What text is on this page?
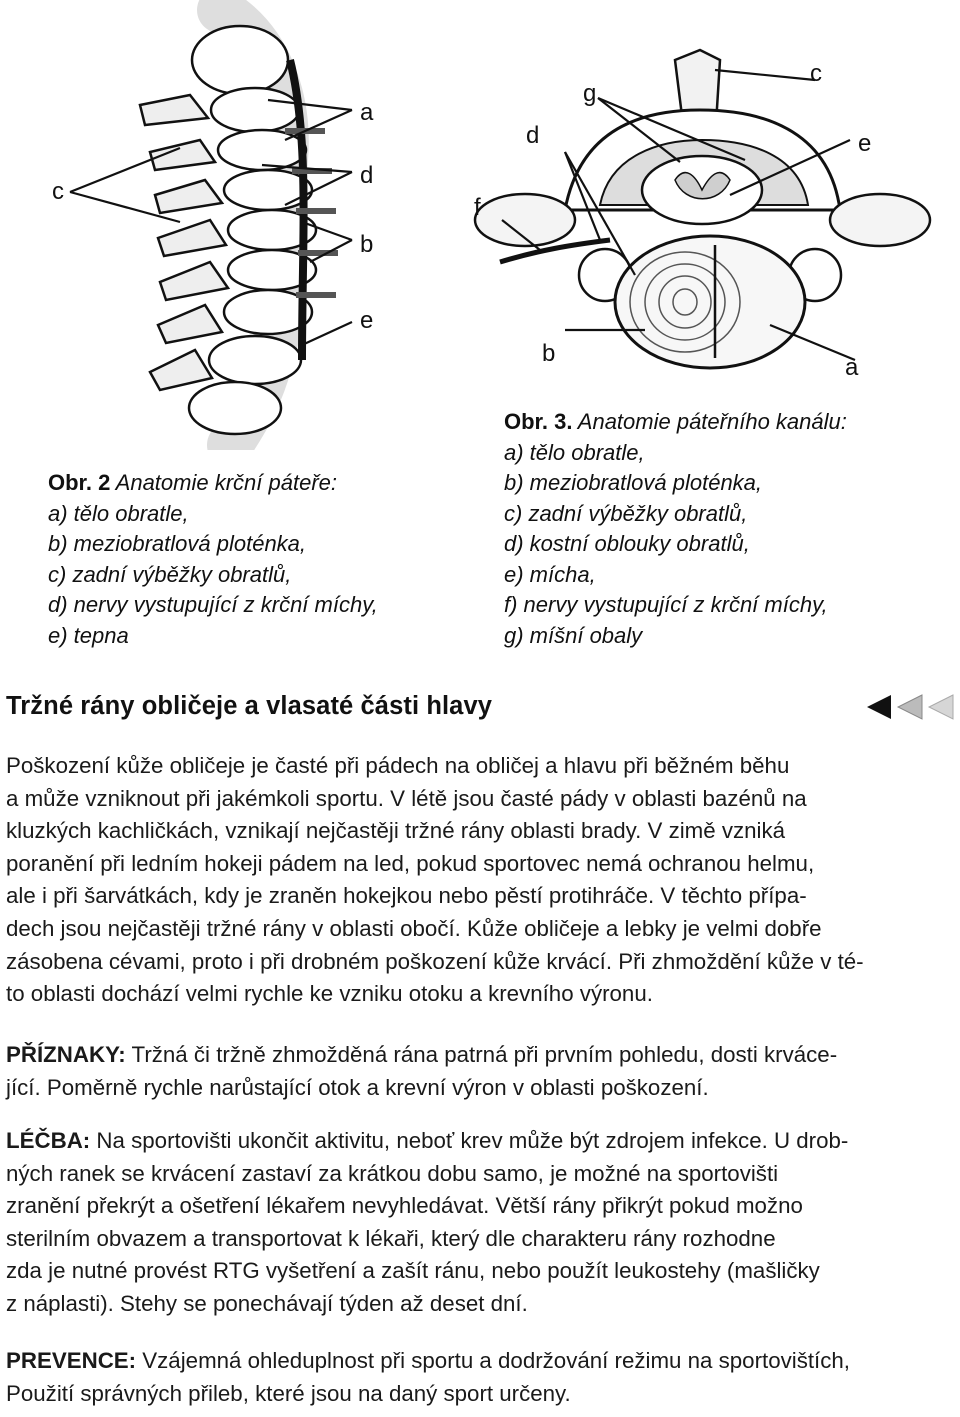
a
d
b
e
c
Obr. 2 Anatomie krční páteře:
a) tělo obratle,
b) meziobratlová ploténka,
c) zadní výběžky obratlů,
d) nervy vystupující z krční míchy,
e) tepna
g
c
d	e
f
b
a
Obr. 3. Anatomie páteřního kanálu:
a) tělo obratle,
b) meziobratlová ploténka,
c) zadní výběžky obratlů,
d) kostní oblouky obratlů,
e) mícha,
f) nervy vystupující z krční míchy,
g) míšní obaly
Tržné rány obličeje a vlasaté části hlavy

Poškození kůže obličeje je časté při pádech na obličej a hlavu při běžném běhu
a může vzniknout při jakémkoli sportu. V létě jsou časté pády v oblasti bazénů na
kluzkých kachličkách, vznikají nejčastěji tržné rány oblasti brady. V zimě vzniká
poranění při ledním hokeji pádem na led, pokud sportovec nemá ochranou helmu,
ale i při šarvátkách, kdy je zraněn hokejkou nebo pěstí protihráče. V těchto přípa-
dech jsou nejčastěji tržné rány v oblasti obočí. Kůže obličeje a lebky je velmi dobře
zásobena cévami, proto i při drobném poškození kůže krvácí. Při zhmoždění kůže v té-
to oblasti dochází velmi rychle ke vzniku otoku a krevního výronu.

PŘÍZNAKY: Tržná či tržně zhmožděná rána patrná při prvním pohledu, dosti krváce-
jící. Poměrně rychle narůstající otok a krevní výron v oblasti poškození.

LÉČBA: Na sportovišti ukončit aktivitu, neboť krev může být zdrojem infekce. U drob-
ných ranek se krvácení zastaví za krátkou dobu samo, je možné na sportovišti
zranění překrýt a ošetření lékařem nevyhledávat. Větší rány přikrýt pokud možno
sterilním obvazem a transportovat k lékaři, který dle charakteru rány rozhodne
zda je nutné provést RTG vyšetření a zašít ránu, nebo použít leukostehy (mašličky
z náplasti). Stehy se ponechávají týden až deset dní.

PREVENCE: Vzájemná ohleduplnost při sportu a dodržování režimu na sportovištích,
Použití správných přileb, které jsou na daný sport určeny.
